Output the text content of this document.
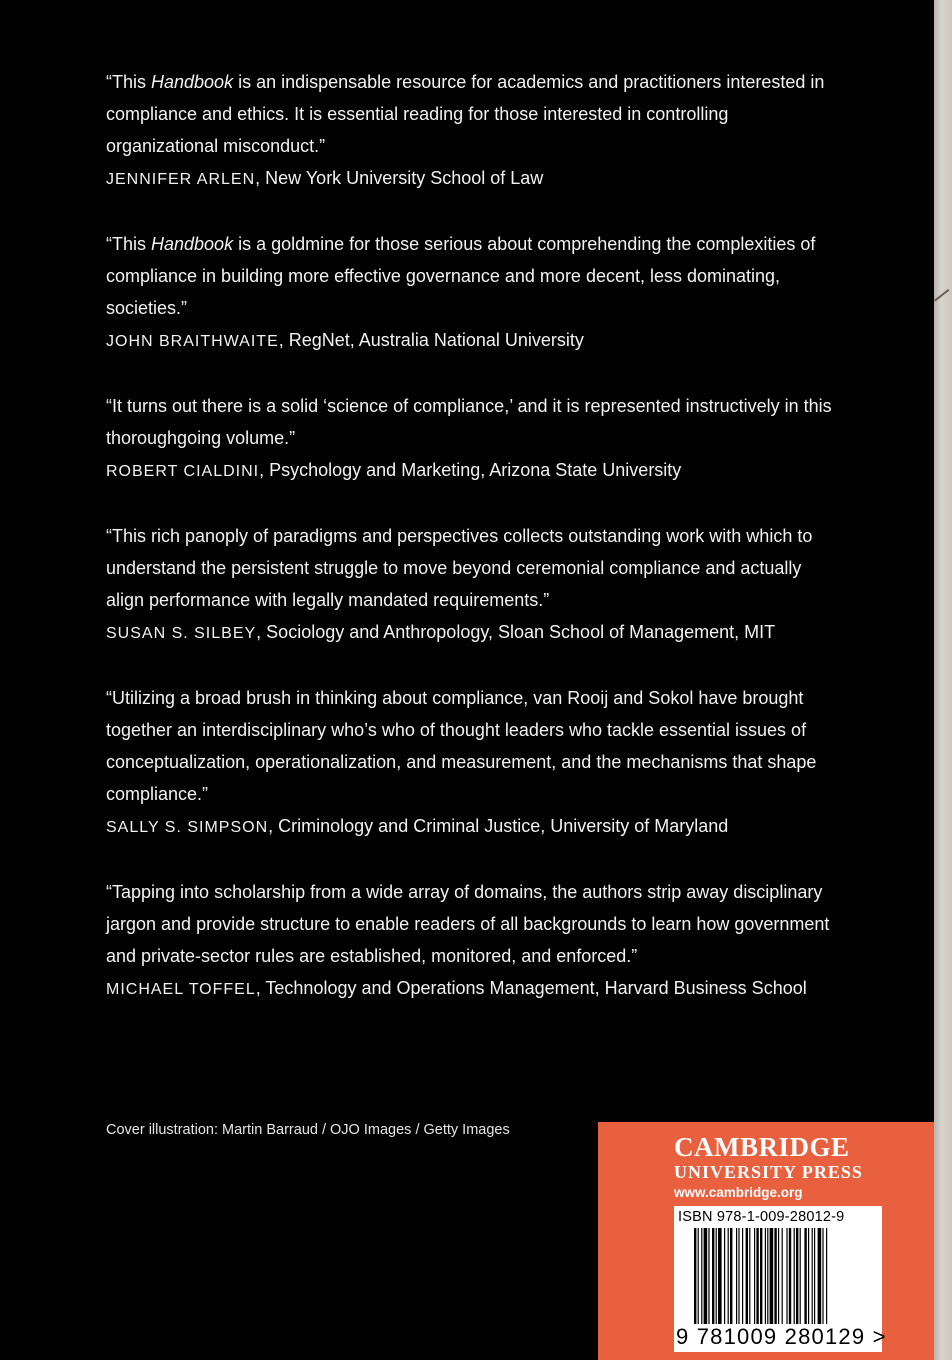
“This Handbook is an indispensable resource for academics and practitioners interested in compliance and ethics. It is essential reading for those interested in controlling organizational misconduct.”

JENNIFER ARLEN, New York University School of Law

“This Handbook is a goldmine for those serious about comprehending the complexities of compliance in building more effective governance and more decent, less dominating, societies.”

JOHN BRAITHWAITE, RegNet, Australia National University

“It turns out there is a solid ‘science of compliance,’ and it is represented instructively in this thoroughgoing volume.”

ROBERT CIALDINI, Psychology and Marketing, Arizona State University

“This rich panoply of paradigms and perspectives collects outstanding work with which to understand the persistent struggle to move beyond ceremonial compliance and actually align performance with legally mandated requirements.”

SUSAN S. SILBEY, Sociology and Anthropology, Sloan School of Management, MIT

“Utilizing a broad brush in thinking about compliance, van Rooij and Sokol have brought together an interdisciplinary who’s who of thought leaders who tackle essential issues of conceptualization, operationalization, and measurement, and the mechanisms that shape compliance.”

SALLY S. SIMPSON, Criminology and Criminal Justice, University of Maryland

“Tapping into scholarship from a wide array of domains, the authors strip away disciplinary jargon and provide structure to enable readers of all backgrounds to learn how government and private-sector rules are established, monitored, and enforced.”

MICHAEL TOFFEL, Technology and Operations Management, Harvard Business School

Cover illustration: Martin Barraud / OJO Images / Getty Images
CAMBRIDGE
UNIVERSITY PRESS
www.cambridge.org
ISBN 978-1-009-28012-9
9 781009 280129 >
